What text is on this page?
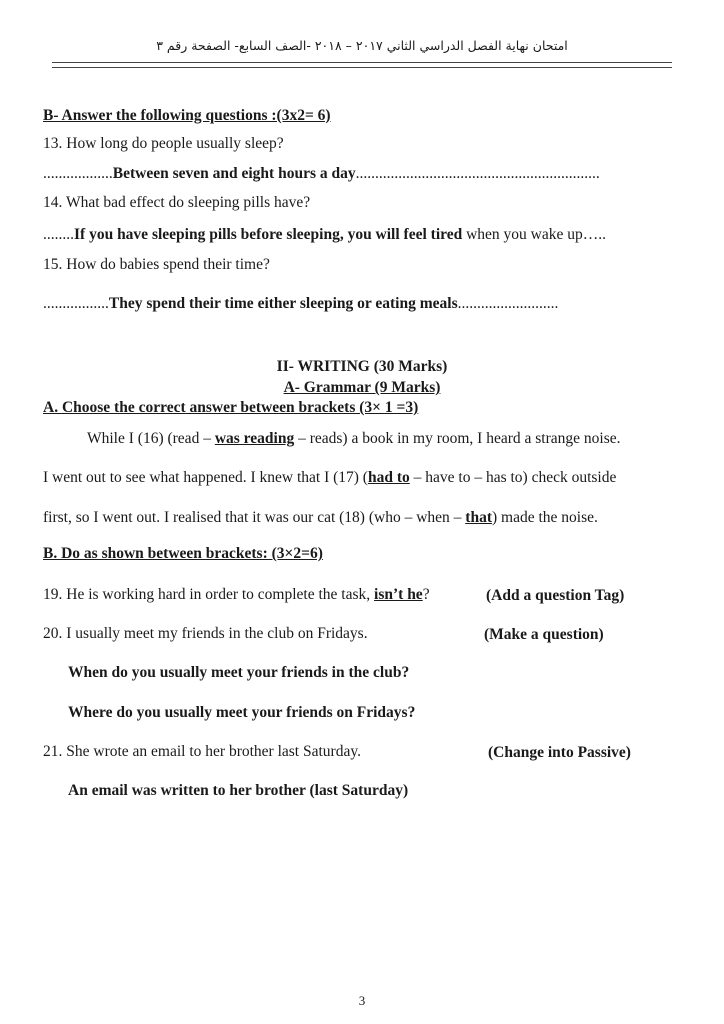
امتحان نهاية الفصل الدراسي الثاني ٢٠١٧ – ٢٠١٨ -الصف السابع- الصفحة رقم ٣
B- Answer the following questions :(3x2= 6)
13. How long do people usually sleep?
..................Between seven and eight hours a day...............................................................
14. What bad effect do sleeping pills have?
........If you have sleeping pills before sleeping, you will feel tired when you wake up…..
15. How do babies spend their time?
.................They spend their time either sleeping or eating meals..........................
II- WRITING (30 Marks)
A- Grammar (9 Marks)
A. Choose the correct answer between brackets (3× 1 =3)
While I (16) (read – was reading – reads) a book in my room, I heard a strange noise.
I went out to see what happened. I knew that I (17) (had to – have to – has to) check outside
first, so I went out. I realised that it was our cat (18) (who – when – that) made the noise.
B. Do as shown between brackets: (3×2=6)
19. He is working hard in order to complete the task, isn’t he?	(Add a question Tag)
20. I usually meet my friends in the club on Fridays.	(Make a question)
When do you usually meet your friends in the club?
Where do you usually meet your friends on Fridays?
21. She wrote an email to her brother last Saturday.	(Change into Passive)
An email was written to her brother (last Saturday)
3
